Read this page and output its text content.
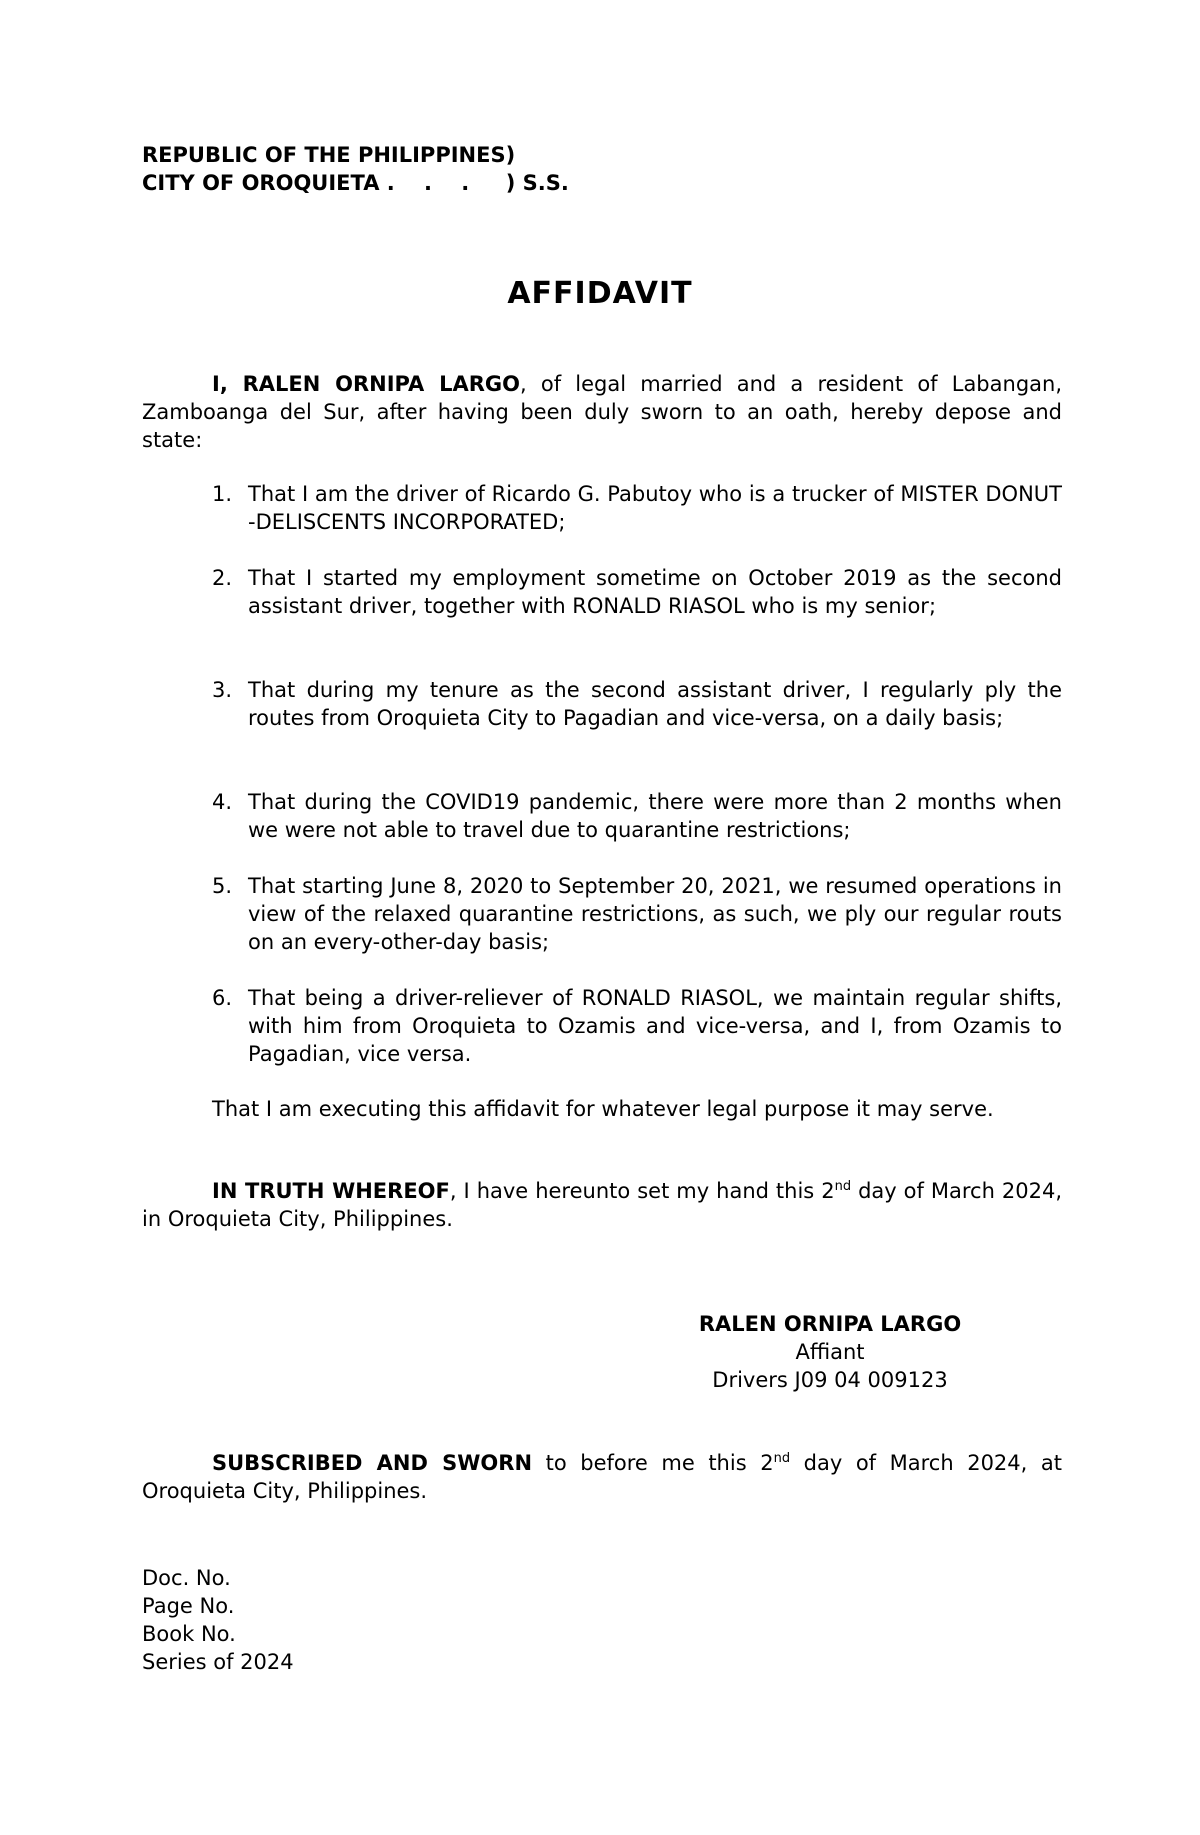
REPUBLIC OF THE PHILIPPINES)
CITY OF OROQUIETA .    .    .     ) S.S.
AFFIDAVIT

I, RALEN ORNIPA LARGO, of legal married and a resident of Labangan, Zamboanga del Sur, after having been duly sworn to an oath, hereby depose and state:

1. That I am the driver of Ricardo G. Pabutoy who is a trucker of MISTER DONUT -DELISCENTS INCORPORATED;
2. That I started my employment sometime on October 2019 as the second assistant driver, together with RONALD RIASOL who is my senior;
3. That during my tenure as the second assistant driver, I regularly ply the routes from Oroquieta City to Pagadian and vice-versa, on a daily basis;
4. That during the COVID19 pandemic, there were more than 2 months when we were not able to travel due to quarantine restrictions;
5. That starting June 8, 2020 to September 20, 2021, we resumed operations in view of the relaxed quarantine restrictions, as such, we ply our regular routs on an every-other-day basis;
6. That being a driver-reliever of RONALD RIASOL, we maintain regular shifts, with him from Oroquieta to Ozamis and vice-versa, and I, from Ozamis to Pagadian, vice versa.

That I am executing this affidavit for whatever legal purpose it may serve.

IN TRUTH WHEREOF, I have hereunto set my hand this 2nd day of March 2024, in Oroquieta City, Philippines.

RALEN ORNIPA LARGO
Affiant
Drivers J09 04 009123

SUBSCRIBED AND SWORN to before me this 2nd day of March 2024, at Oroquieta City, Philippines.

Doc. No.
Page No.
Book No.
Series of 2024
